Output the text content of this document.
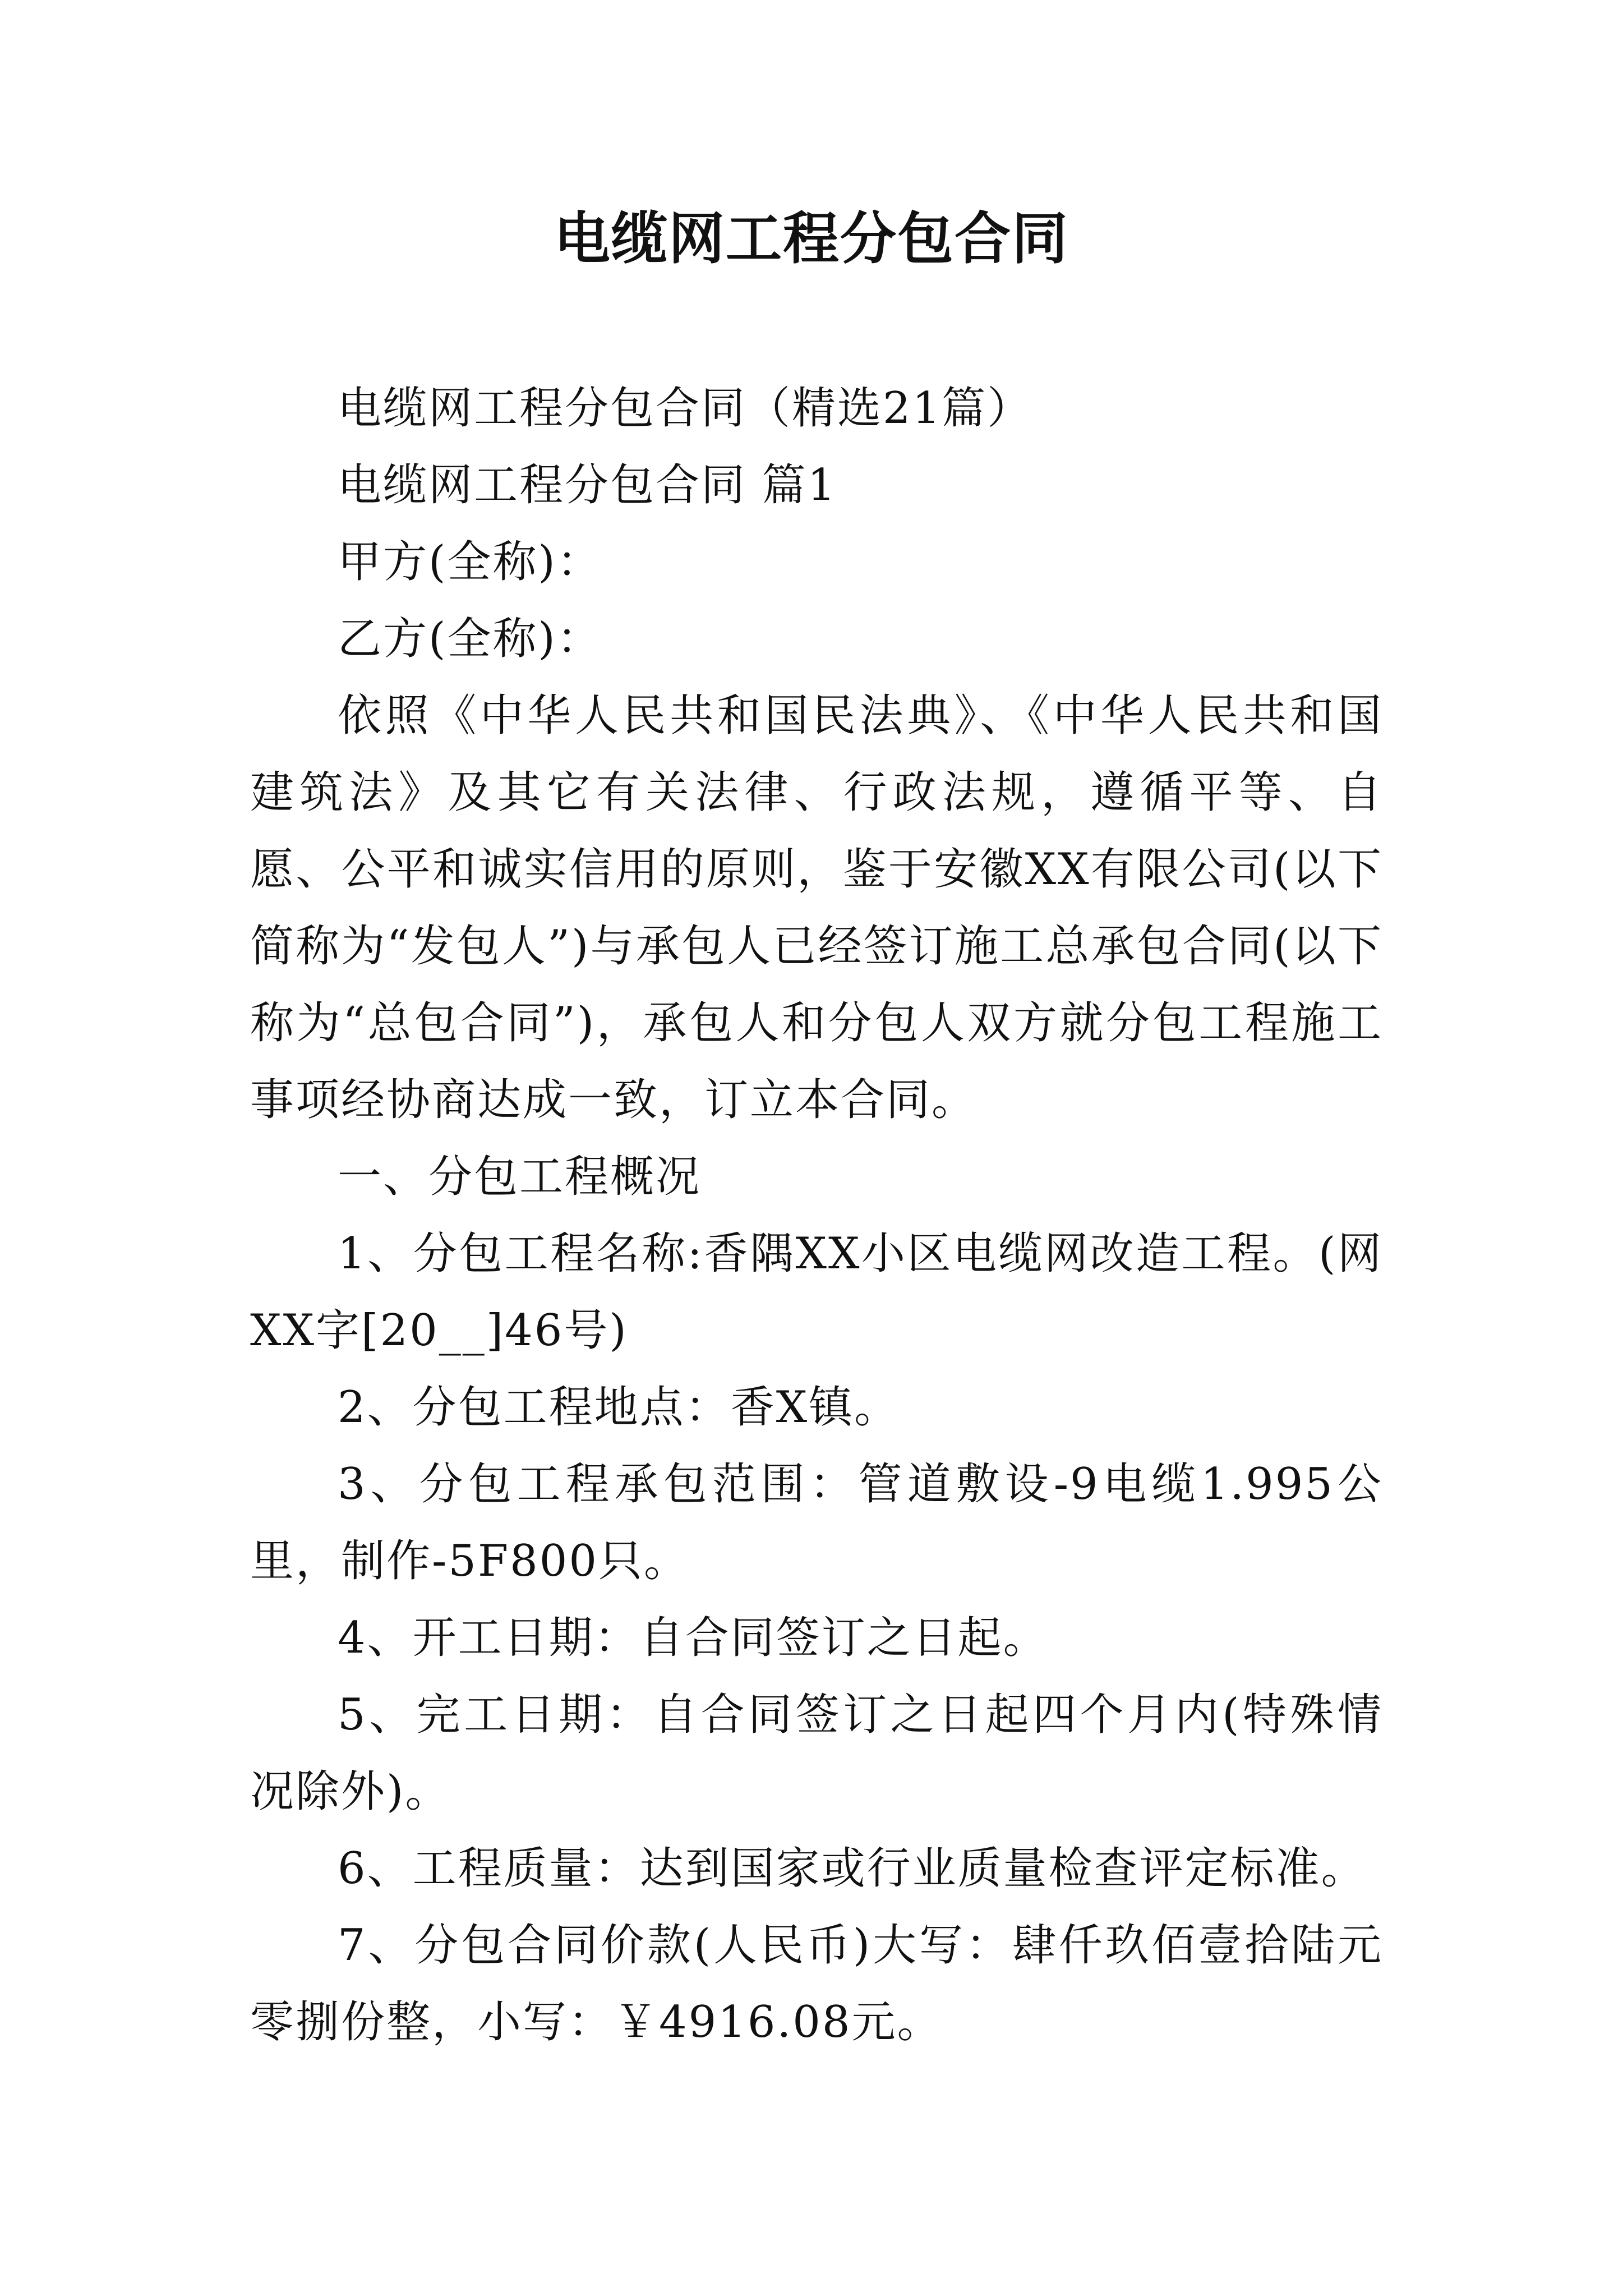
电缆网工程分包合同

电缆网工程分包合同（精选21篇）

电缆网工程分包合同 篇1

甲方(全称)：

乙方(全称)：

依照《中华人民共和国民法典》、《中华人民共和国建筑法》及其它有关法律、行政法规，遵循平等、自愿、公平和诚实信用的原则，鉴于安徽XX有限公司(以下简称为“发包人”)与承包人已经签订施工总承包合同(以下称为“总包合同”)，承包人和分包人双方就分包工程施工事项经协商达成一致，订立本合同。

一、分包工程概况

1、分包工程名称:香隅XX小区电缆网改造工程。(网XX字[20__]46号)

2、分包工程地点：香X镇。

3、分包工程承包范围：管道敷设-9电缆1.995公里，制作-5F800只。

4、开工日期：自合同签订之日起。

5、完工日期：自合同签订之日起四个月内(特殊情况除外)。

6、工程质量：达到国家或行业质量检查评定标准。

7、分包合同价款(人民币)大写：肆仟玖佰壹拾陆元零捌份整，小写：￥4916.08元。
